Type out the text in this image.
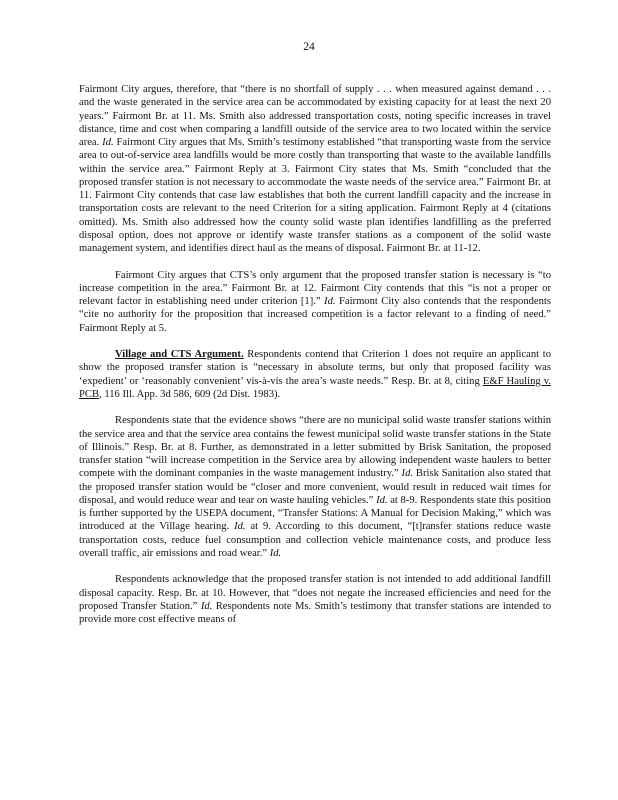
24

Fairmont City argues, therefore, that “there is no shortfall of supply . . . when measured against demand . . . and the waste generated in the service area can be accommodated by existing capacity for at least the next 20 years.” Fairmont Br. at 11. Ms. Smith also addressed transportation costs, noting specific increases in travel distance, time and cost when comparing a landfill outside of the service area to two located within the service area. Id. Fairmont City argues that Ms. Smith’s testimony established “that transporting waste from the service area to out-of-service area landfills would be more costly than transporting that waste to the available landfills within the service area.” Fairmont Reply at 3. Fairmont City states that Ms. Smith “concluded that the proposed transfer station is not necessary to accommodate the waste needs of the service area.” Fairmont Br. at 11. Fairmont City contends that case law establishes that both the current landfill capacity and the increase in transportation costs are relevant to the need Criterion for a siting application. Fairmont Reply at 4 (citations omitted). Ms. Smith also addressed how the county solid waste plan identifies landfilling as the preferred disposal option, does not approve or identify waste transfer stations as a component of the solid waste management system, and identifies direct haul as the means of disposal. Fairmont Br. at 11-12.

Fairmont City argues that CTS’s only argument that the proposed transfer station is necessary is “to increase competition in the area.” Fairmont Br. at 12. Fairmont City contends that this “is not a proper or relevant factor in establishing need under criterion [1].” Id. Fairmont City also contends that the respondents “cite no authority for the proposition that increased competition is a factor relevant to a finding of need.” Fairmont Reply at 5.

Village and CTS Argument. Respondents contend that Criterion 1 does not require an applicant to show the proposed transfer station is “necessary in absolute terms, but only that proposed facility was ‘expedient’ or ‘reasonably convenient’ vis-à-vis the area’s waste needs.” Resp. Br. at 8, citing E&F Hauling v. PCB, 116 Ill. App. 3d 586, 609 (2d Dist. 1983).

Respondents state that the evidence shows “there are no municipal solid waste transfer stations within the service area and that the service area contains the fewest municipal solid waste transfer stations in the State of Illinois.” Resp. Br. at 8. Further, as demonstrated in a letter submitted by Brisk Sanitation, the proposed transfer station “will increase competition in the Service area by allowing independent waste haulers to better compete with the dominant companies in the waste management industry.” Id. Brisk Sanitation also stated that the proposed transfer station would be “closer and more convenient, would result in reduced wait times for disposal, and would reduce wear and tear on waste hauling vehicles.” Id. at 8-9. Respondents state this position is further supported by the USEPA document, “Transfer Stations: A Manual for Decision Making,” which was introduced at the Village hearing. Id. at 9. According to this document, “[t]ransfer stations reduce waste transportation costs, reduce fuel consumption and collection vehicle maintenance costs, and produce less overall traffic, air emissions and road wear.” Id.

Respondents acknowledge that the proposed transfer station is not intended to add additional landfill disposal capacity. Resp. Br. at 10. However, that “does not negate the increased efficiencies and need for the proposed Transfer Station.” Id. Respondents note Ms. Smith’s testimony that transfer stations are intended to provide more cost effective means of
